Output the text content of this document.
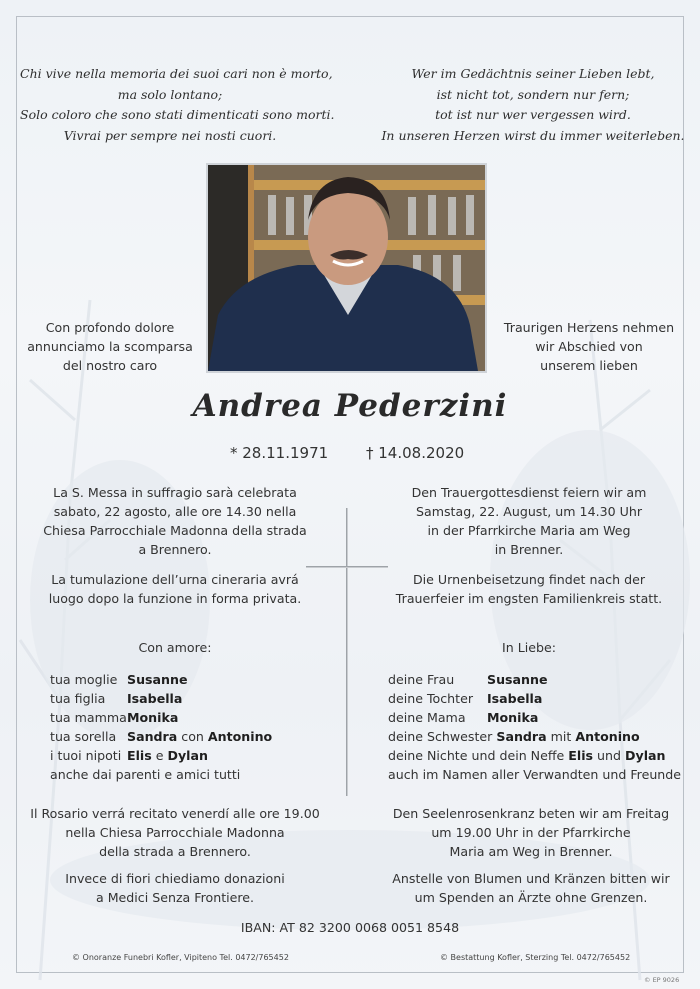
Chi vive nella memoria dei suoi cari non è morto,
ma solo lontano;
Solo coloro che sono stati dimenticati sono morti.
Vivrai per sempre nei nosti cuori.
Wer im Gedächtnis seiner Lieben lebt,
ist nicht tot, sondern nur fern;
tot ist nur wer vergessen wird.
In unseren Herzen wirst du immer weiterleben.
Con profondo dolore
annunciamo la scomparsa
del nostro caro
Traurigen Herzens nehmen
wir Abschied von
unserem lieben
Andrea Pederzini
* 28.11.1971	† 14.08.2020
La S. Messa in suffragio sarà celebrata
sabato, 22 agosto, alle ore 14.30 nella
Chiesa Parrocchiale Madonna della strada
a Brennero.
Den Trauergottesdienst feiern wir am
Samstag, 22. August, um 14.30 Uhr
in der Pfarrkirche Maria am Weg
in Brenner.
La tumulazione dell’urna cineraria avrá
luogo dopo la funzione in forma privata.
Die Urnenbeisetzung findet nach der
Trauerfeier im engsten Familienkreis statt.
Con amore:	In Liebe:
tua moglie Susanne
tua figlia Isabella
tua mamma Monika
tua sorella Sandra con Antonino
i tuoi nipoti Elis e Dylan
anche dai parenti e amici tutti
deine Frau	Susanne
deine Tochter Isabella
deine Mama Monika
deine Schwester Sandra mit Antonino
deine Nichte und dein Neffe Elis und Dylan
auch im Namen aller Verwandten und Freunde
Il Rosario verrá recitato venerdí alle ore 19.00
nella Chiesa Parrocchiale Madonna
della strada a Brennero.
Den Seelenrosenkranz beten wir am Freitag
um 19.00 Uhr in der Pfarrkirche
Maria am Weg in Brenner.
Invece di fiori chiediamo donazioni
a Medici Senza Frontiere.
Anstelle von Blumen und Kränzen bitten wir
um Spenden an Ärzte ohne Grenzen.
IBAN: AT 82 3200 0068 0051 8548
© Onoranze Funebri Kofler, Vipiteno Tel. 0472/765452	© Bestattung Kofler, Sterzing Tel. 0472/765452
© EP 9026
